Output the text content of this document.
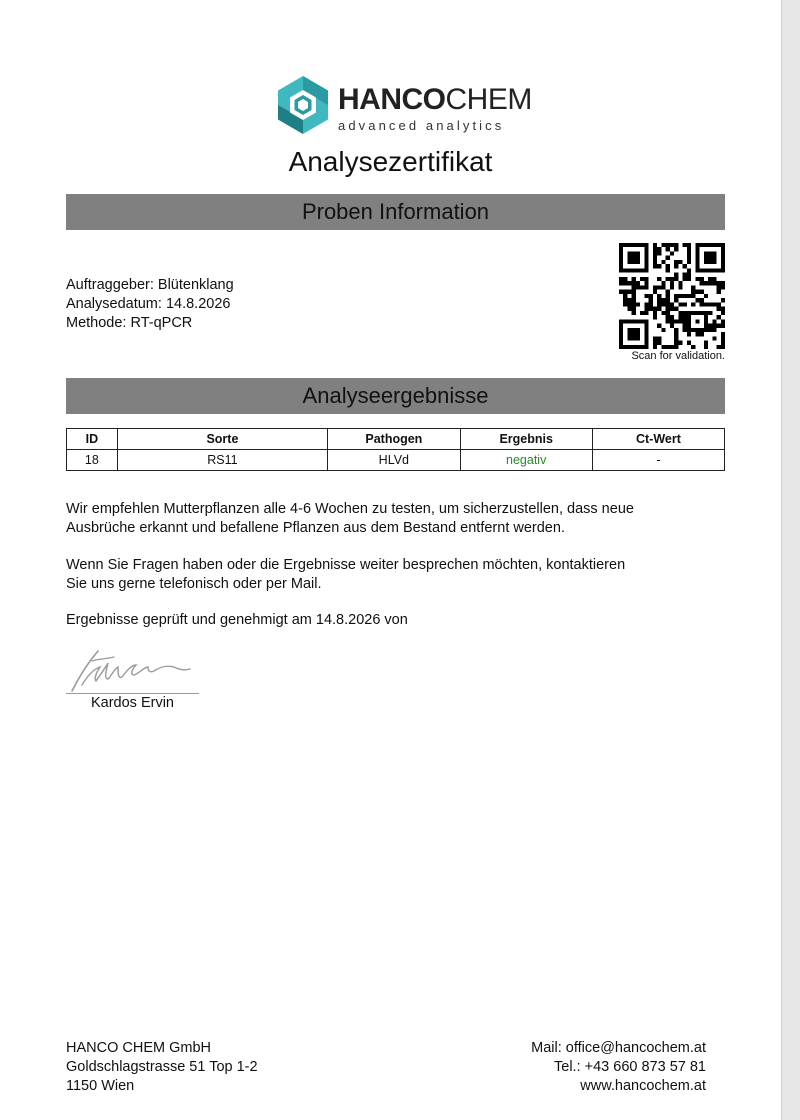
HANCOCHEM
advanced analytics
Analysezertifikat
Proben Information
Auftraggeber: Blütenklang
Analysedatum: 14.8.2026
Methode: RT-qPCR
Scan for validation.
Analyseergebnisse
ID	Sorte	Pathogen	Ergebnis	Ct-Wert
18	RS11	HLVd	negativ	-
Wir empfehlen Mutterpflanzen alle 4-6 Wochen zu testen, um sicherzustellen, dass neue
Ausbrüche erkannt und befallene Pflanzen aus dem Bestand entfernt werden.
Wenn Sie Fragen haben oder die Ergebnisse weiter besprechen möchten, kontaktieren
Sie uns gerne telefonisch oder per Mail.
Ergebnisse geprüft und genehmigt am 14.8.2026 von
Kardos Ervin
HANCO CHEM GmbH
Goldschlagstrasse 51 Top 1-2
1150 Wien
Mail: office@hancochem.at
Tel.: +43 660 873 57 81
www.hancochem.at
